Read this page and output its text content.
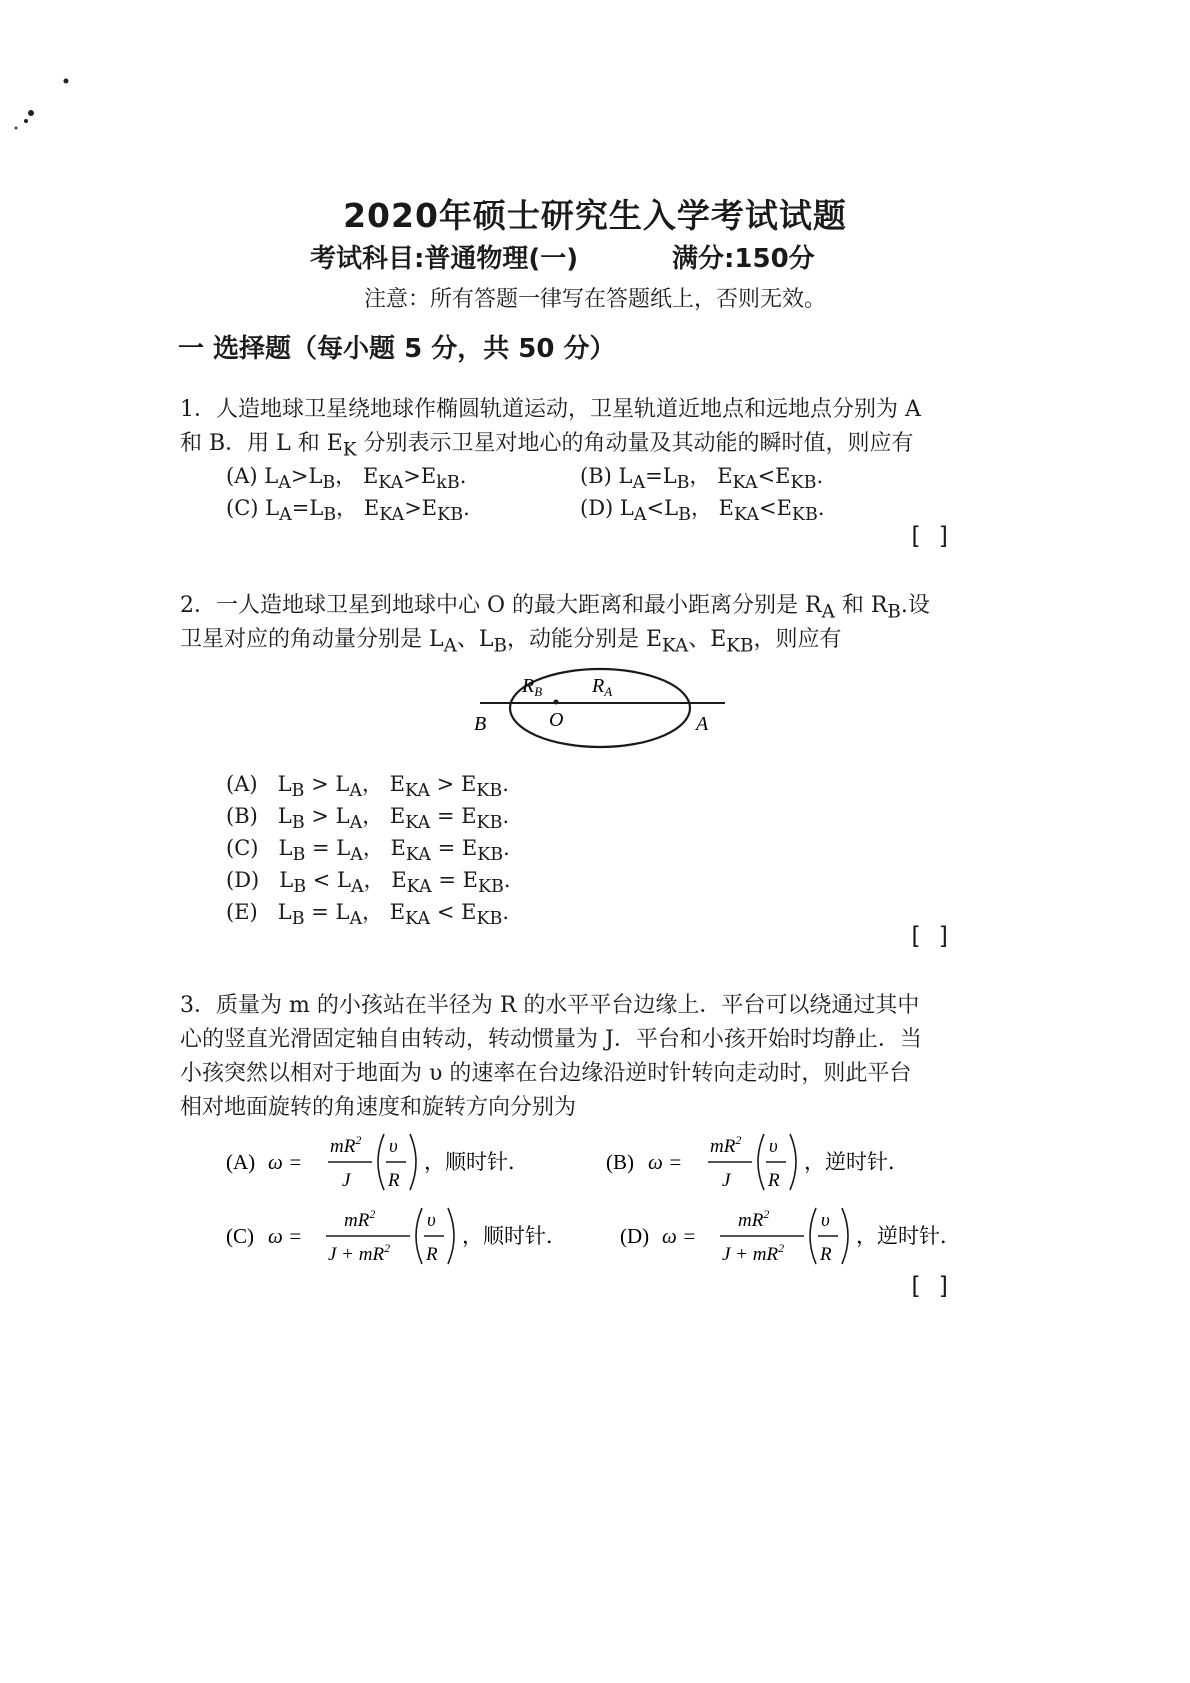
2020年硕士研究生入学考试试题
考试科目:普通物理(一)	满分:150分
注意：所有答题一律写在答题纸上，否则无效。
一 选择题（每小题 5 分，共 50 分）
1．人造地球卫星绕地球作椭圆轨道运动，卫星轨道近地点和远地点分别为 A
和 B．用 L 和 $E_K$ 分别表示卫星对地心的角动量及其动能的瞬时值，则应有
(A) $L_A>L_B$， $E_{KA}>E_{kB}$.	(B) $L_A=L_B$， $E_{KA}<E_{KB}$.
(C) $L_A=L_B$， $E_{KA}>E_{KB}$.	(D) $L_A<L_B$， $E_{KA}<E_{KB}$.
[ ]
2．一人造地球卫星到地球中心 O 的最大距离和最小距离分别是 $R_A$ 和 $R_B$.设
卫星对应的角动量分别是 $L_A$、$L_B$，动能分别是 $E_{KA}$、$E_{KB}$，则应有
$R_B$ $R_A$
O
B	A
(A) $L_B > L_A$， $E_{KA} > E_{KB}$.
(B) $L_B > L_A$， $E_{KA} = E_{KB}$.
(C) $L_B = L_A$， $E_{KA} = E_{KB}$.
(D) $L_B < L_A$， $E_{KA} = E_{KB}$.
(E) $L_B = L_A$， $E_{KA} < E_{KB}$.
[ ]
3．质量为 m 的小孩站在半径为 R 的水平平台边缘上．平台可以绕通过其中
心的竖直光滑固定轴自由转动，转动惯量为 J．平台和小孩开始时均静止．当
小孩突然以相对于地面为 υ 的速率在台边缘沿逆时针转向走动时，则此平台
相对地面旋转的角速度和旋转方向分别为
(A) ω =
$mR^2$
J
υ
R
，顺时针．	(B) ω =
$mR^2$
J
υ
R
，逆时针．
(C) ω =
$mR^2$
$J + mR^2$
υ
R
，顺时针．	(D) ω =
$mR^2$
$J + mR^2$
υ
R
，逆时针．
[ ]
